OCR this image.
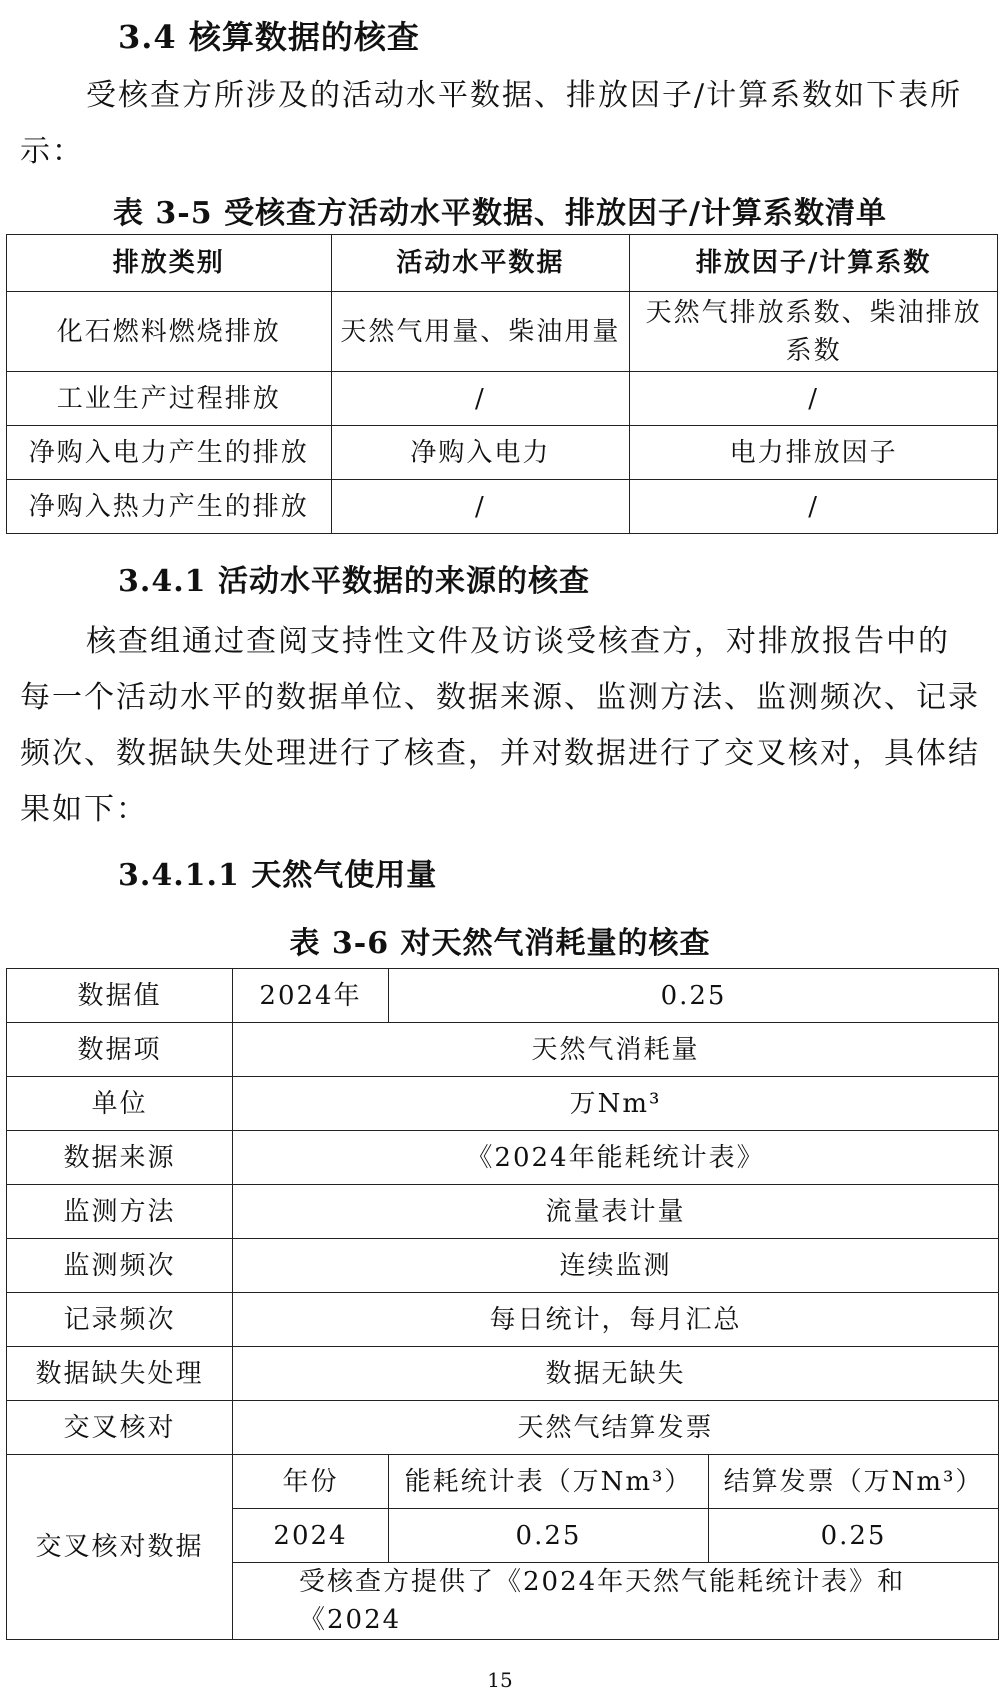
3.4 核算数据的核查

受核查方所涉及的活动水平数据、排放因子/计算系数如下表所示：

表 3-5 受核查方活动水平数据、排放因子/计算系数清单
排放类别	活动水平数据	排放因子/计算系数
化石燃料燃烧排放	天然气用量、柴油用量	天然气排放系数、柴油排放系数
工业生产过程排放	/	/
净购入电力产生的排放	净购入电力	电力排放因子
净购入热力产生的排放	/	/
3.4.1 活动水平数据的来源的核查

核查组通过查阅支持性文件及访谈受核查方，对排放报告中的每一个活动水平的数据单位、数据来源、监测方法、监测频次、记录频次、数据缺失处理进行了核查，并对数据进行了交叉核对，具体结果如下：

3.4.1.1 天然气使用量
表 3-6 对天然气消耗量的核查
数据值	2024年	0.25	
数据项	天然气消耗量		
单位	万Nm³		
数据来源	《2024年能耗统计表》		
监测方法	流量表计量		
监测频次	连续监测		
记录频次	每日统计，每月汇总		
数据缺失处理	数据无缺失		
交叉核对	天然气结算发票		
交叉核对数据	年份	能耗统计表（万Nm³）	结算发票（万Nm³）
	2024	0.25	0.25
	受核查方提供了《2024年天然气能耗统计表》和《2024		
15
